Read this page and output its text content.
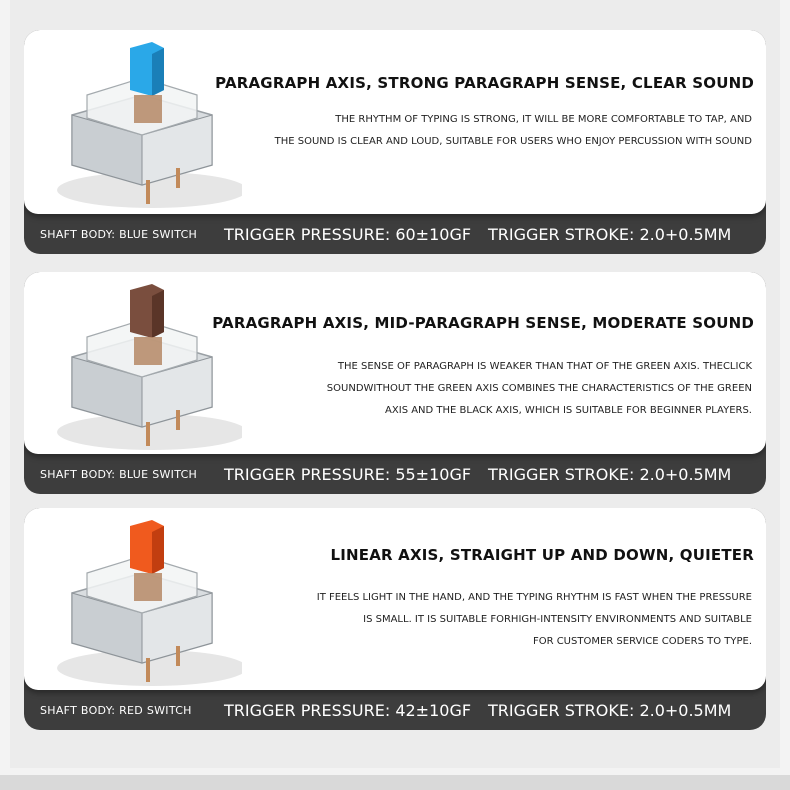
PARAGRAPH AXIS, STRONG PARAGRAPH SENSE, CLEAR SOUND
THE RHYTHM OF TYPING IS STRONG, IT WILL BE MORE COMFORTABLE TO TAP, AND
THE SOUND IS CLEAR AND LOUD, SUITABLE FOR USERS WHO ENJOY PERCUSSION WITH SOUND
SHAFT BODY: BLUE SWITCH TRIGGER PRESSURE: 60±10GF TRIGGER STROKE: 2.0+0.5MM
PARAGRAPH AXIS, MID-PARAGRAPH SENSE, MODERATE SOUND
THE SENSE OF PARAGRAPH IS WEAKER THAN THAT OF THE GREEN AXIS. THECLICK
SOUNDWITHOUT THE GREEN AXIS COMBINES THE CHARACTERISTICS OF THE GREEN
AXIS AND THE BLACK AXIS, WHICH IS SUITABLE FOR BEGINNER PLAYERS.
SHAFT BODY: BLUE SWITCH TRIGGER PRESSURE: 55±10GF TRIGGER STROKE: 2.0+0.5MM
LINEAR AXIS, STRAIGHT UP AND DOWN, QUIETER
IT FEELS LIGHT IN THE HAND, AND THE TYPING RHYTHM IS FAST WHEN THE PRESSURE
IS SMALL. IT IS SUITABLE FORHIGH-INTENSITY ENVIRONMENTS AND SUITABLE
FOR CUSTOMER SERVICE CODERS TO TYPE.
SHAFT BODY: RED SWITCH TRIGGER PRESSURE: 42±10GF TRIGGER STROKE: 2.0+0.5MM
